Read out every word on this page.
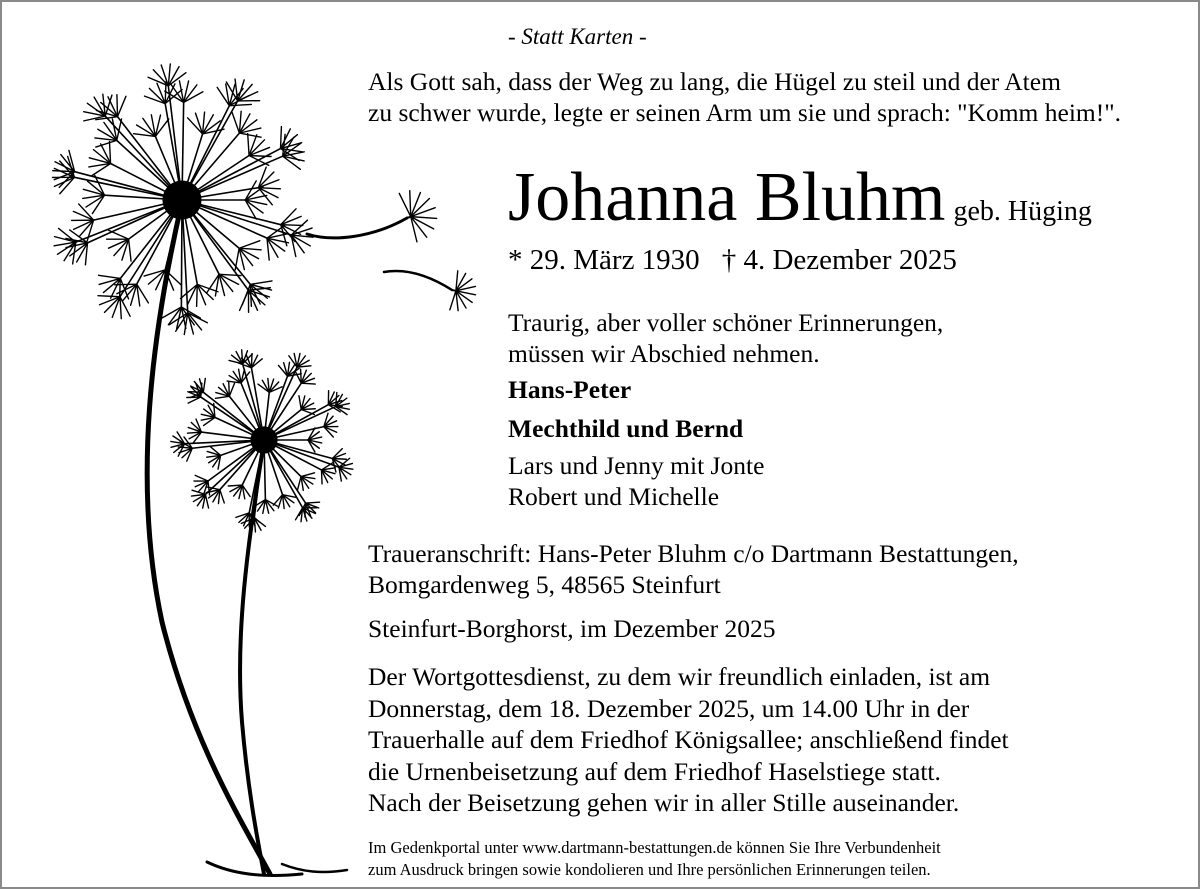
- Statt Karten -
Als Gott sah, dass der Weg zu lang, die Hügel zu steil und der Atem
zu schwer wurde, legte er seinen Arm um sie und sprach: "Komm heim!".
Johanna Bluhm geb. Hüging
* 29. März 1930 † 4. Dezember 2025
Traurig, aber voller schöner Erinnerungen,
müssen wir Abschied nehmen.
Hans-Peter
Mechthild und Bernd
Lars und Jenny mit Jonte
Robert und Michelle
Traueranschrift: Hans-Peter Bluhm c/o Dartmann Bestattungen,
Bomgardenweg 5, 48565 Steinfurt
Steinfurt-Borghorst, im Dezember 2025
Der Wortgottesdienst, zu dem wir freundlich einladen, ist am
Donnerstag, dem 18. Dezember 2025, um 14.00 Uhr in der
Trauerhalle auf dem Friedhof Königsallee; anschließend findet
die Urnenbeisetzung auf dem Friedhof Haselstiege statt.
Nach der Beisetzung gehen wir in aller Stille auseinander.
Im Gedenkportal unter www.dartmann-bestattungen.de können Sie Ihre Verbundenheit
zum Ausdruck bringen sowie kondolieren und Ihre persönlichen Erinnerungen teilen.
